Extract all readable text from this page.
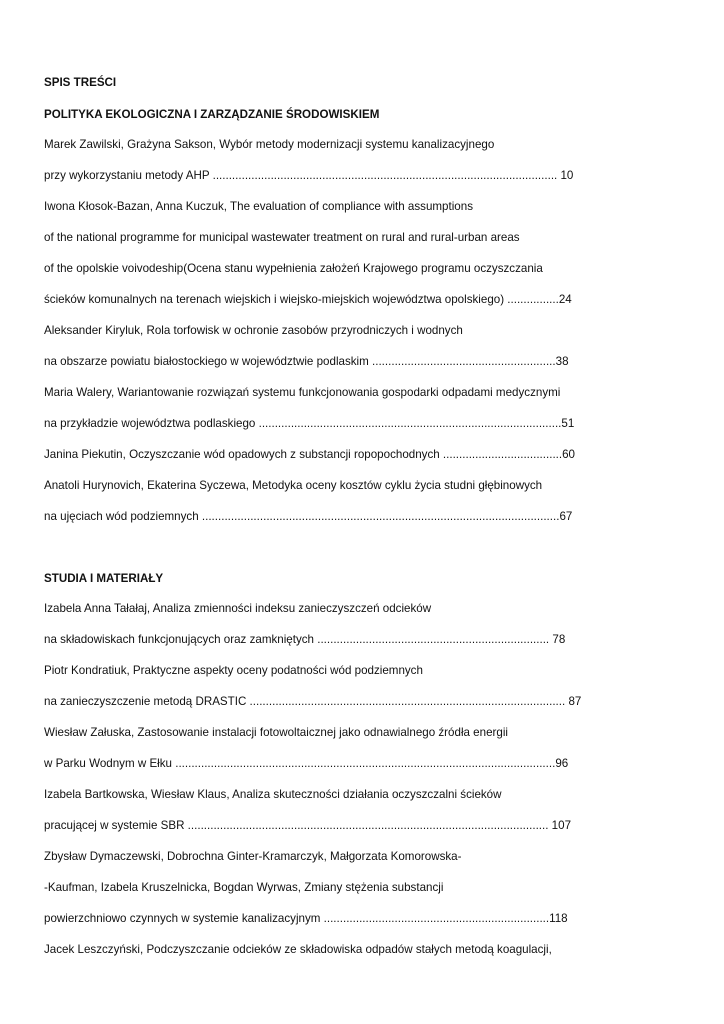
SPIS TREŚCI
POLITYKA EKOLOGICZNA I ZARZĄDZANIE ŚRODOWISKIEM
Marek Zawilski, Grażyna Sakson, Wybór metody modernizacji systemu kanalizacyjnego
przy wykorzystaniu metody AHP ........................................................................................................... 10
Iwona Kłosok-Bazan, Anna Kuczuk, The evaluation of compliance with assumptions
of the national programme for municipal wastewater treatment on rural and rural-urban areas
of the opolskie voivodeship(Ocena stanu wypełnienia założeń Krajowego programu oczyszczania
ścieków komunalnych na terenach wiejskich i wiejsko-miejskich województwa opolskiego) ................24
Aleksander Kiryluk, Rola torfowisk w ochronie zasobów przyrodniczych i wodnych
na obszarze powiatu białostockiego w województwie podlaskim .........................................................38
Maria Walery, Wariantowanie rozwiązań systemu funkcjonowania gospodarki odpadami medycznymi
na przykładzie województwa podlaskiego ..............................................................................................51
Janina Piekutin, Oczyszczanie wód opadowych z substancji ropopochodnych .....................................60
Anatoli Hurynovich, Ekaterina Syczewa, Metodyka oceny kosztów cyklu życia studni głębinowych
na ujęciach wód podziemnych ...............................................................................................................67
STUDIA I MATERIAŁY
Izabela Anna Tałałaj, Analiza zmienności indeksu zanieczyszczeń odcieków
na składowiskach funkcjonujących oraz zamkniętych ........................................................................ 78
Piotr Kondratiuk, Praktyczne aspekty oceny podatności wód podziemnych
na zanieczyszczenie metodą DRASTIC .................................................................................................. 87
Wiesław Załuska, Zastosowanie instalacji fotowoltaicznej jako odnawialnego źródła energii
w Parku Wodnym w Ełku ......................................................................................................................96
Izabela Bartkowska, Wiesław Klaus, Analiza skuteczności działania oczyszczalni ścieków
pracującej w systemie SBR ................................................................................................................ 107
Zbysław Dymaczewski, Dobrochna Ginter-Kramarczyk, Małgorzata Komorowska-
-Kaufman, Izabela Kruszelnicka, Bogdan Wyrwas, Zmiany stężenia substancji
powierzchniowo czynnych w systemie kanalizacyjnym ......................................................................118
Jacek Leszczyński, Podczyszczanie odcieków ze składowiska odpadów stałych metodą koagulacji,
